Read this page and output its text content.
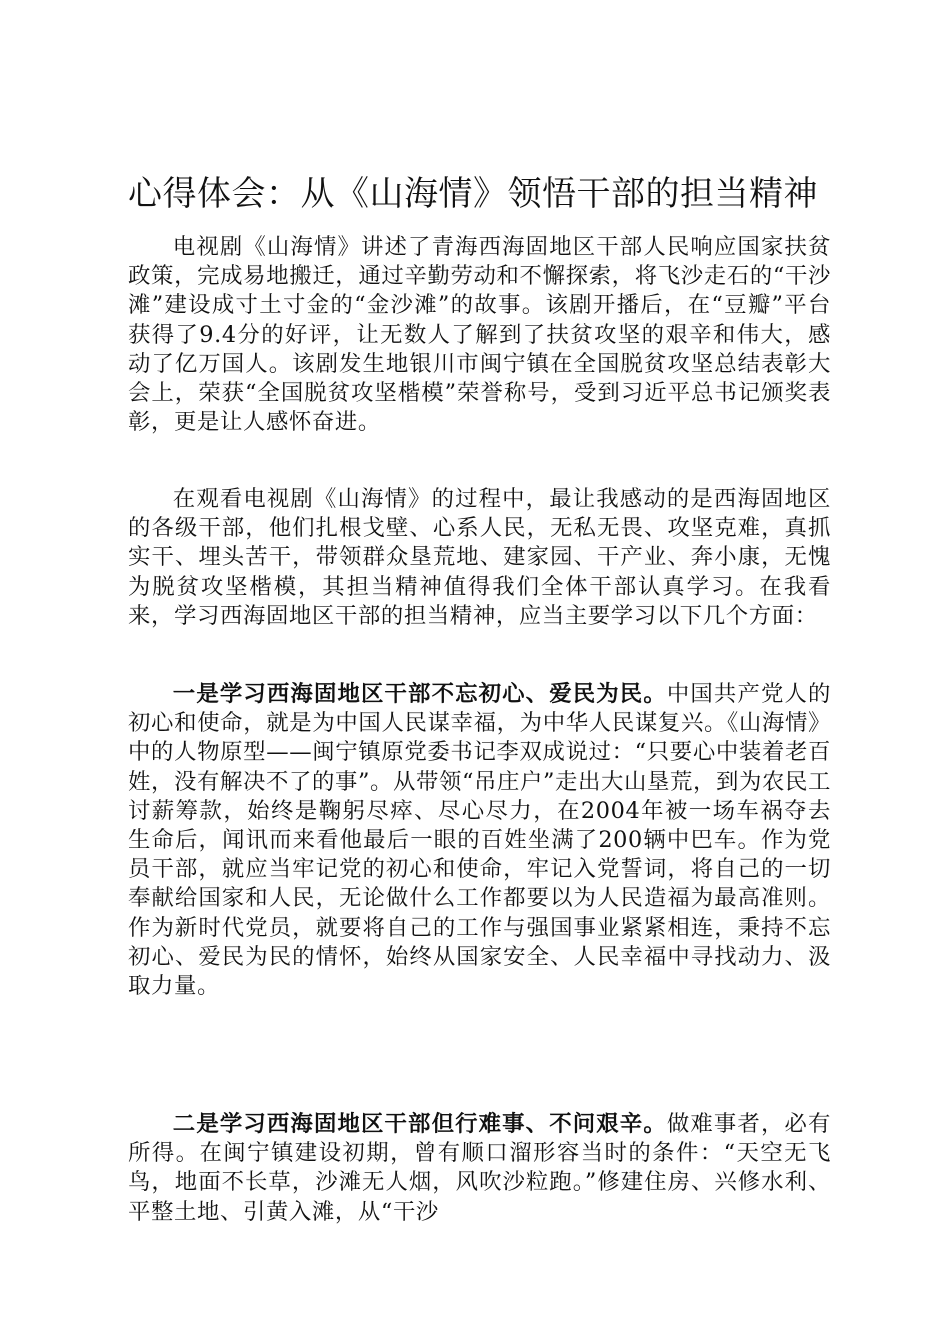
心得体会：从《山海情》领悟干部的担当精神

电视剧《山海情》讲述了青海西海固地区干部人民响应国家扶贫政策，完成易地搬迁，通过辛勤劳动和不懈探索，将飞沙走石的“干沙滩”建设成寸土寸金的“金沙滩”的故事。该剧开播后，在“豆瓣”平台获得了9.4分的好评，让无数人了解到了扶贫攻坚的艰辛和伟大，感动了亿万国人。该剧发生地银川市闽宁镇在全国脱贫攻坚总结表彰大会上，荣获“全国脱贫攻坚楷模”荣誉称号，受到习近平总书记颁奖表彰，更是让人感怀奋进。

在观看电视剧《山海情》的过程中，最让我感动的是西海固地区的各级干部，他们扎根戈壁、心系人民，无私无畏、攻坚克难，真抓实干、埋头苦干，带领群众垦荒地、建家园、干产业、奔小康，无愧为脱贫攻坚楷模，其担当精神值得我们全体干部认真学习。在我看来，学习西海固地区干部的担当精神，应当主要学习以下几个方面：

一是学习西海固地区干部不忘初心、爱民为民。中国共产党人的初心和使命，就是为中国人民谋幸福，为中华人民谋复兴。《山海情》中的人物原型——闽宁镇原党委书记李双成说过：“只要心中装着老百姓，没有解决不了的事”。从带领“吊庄户”走出大山垦荒，到为农民工讨薪筹款，始终是鞠躬尽瘁、尽心尽力，在2004年被一场车祸夺去生命后，闻讯而来看他最后一眼的百姓坐满了200辆中巴车。作为党员干部，就应当牢记党的初心和使命，牢记入党誓词，将自己的一切奉献给国家和人民，无论做什么工作都要以为人民造福为最高准则。作为新时代党员，就要将自己的工作与强国事业紧紧相连，秉持不忘初心、爱民为民的情怀，始终从国家安全、人民幸福中寻找动力、汲取力量。

二是学习西海固地区干部但行难事、不问艰辛。做难事者，必有所得。在闽宁镇建设初期，曾有顺口溜形容当时的条件：“天空无飞鸟，地面不长草，沙滩无人烟，风吹沙粒跑。”修建住房、兴修水利、平整土地、引黄入滩，从“干沙
